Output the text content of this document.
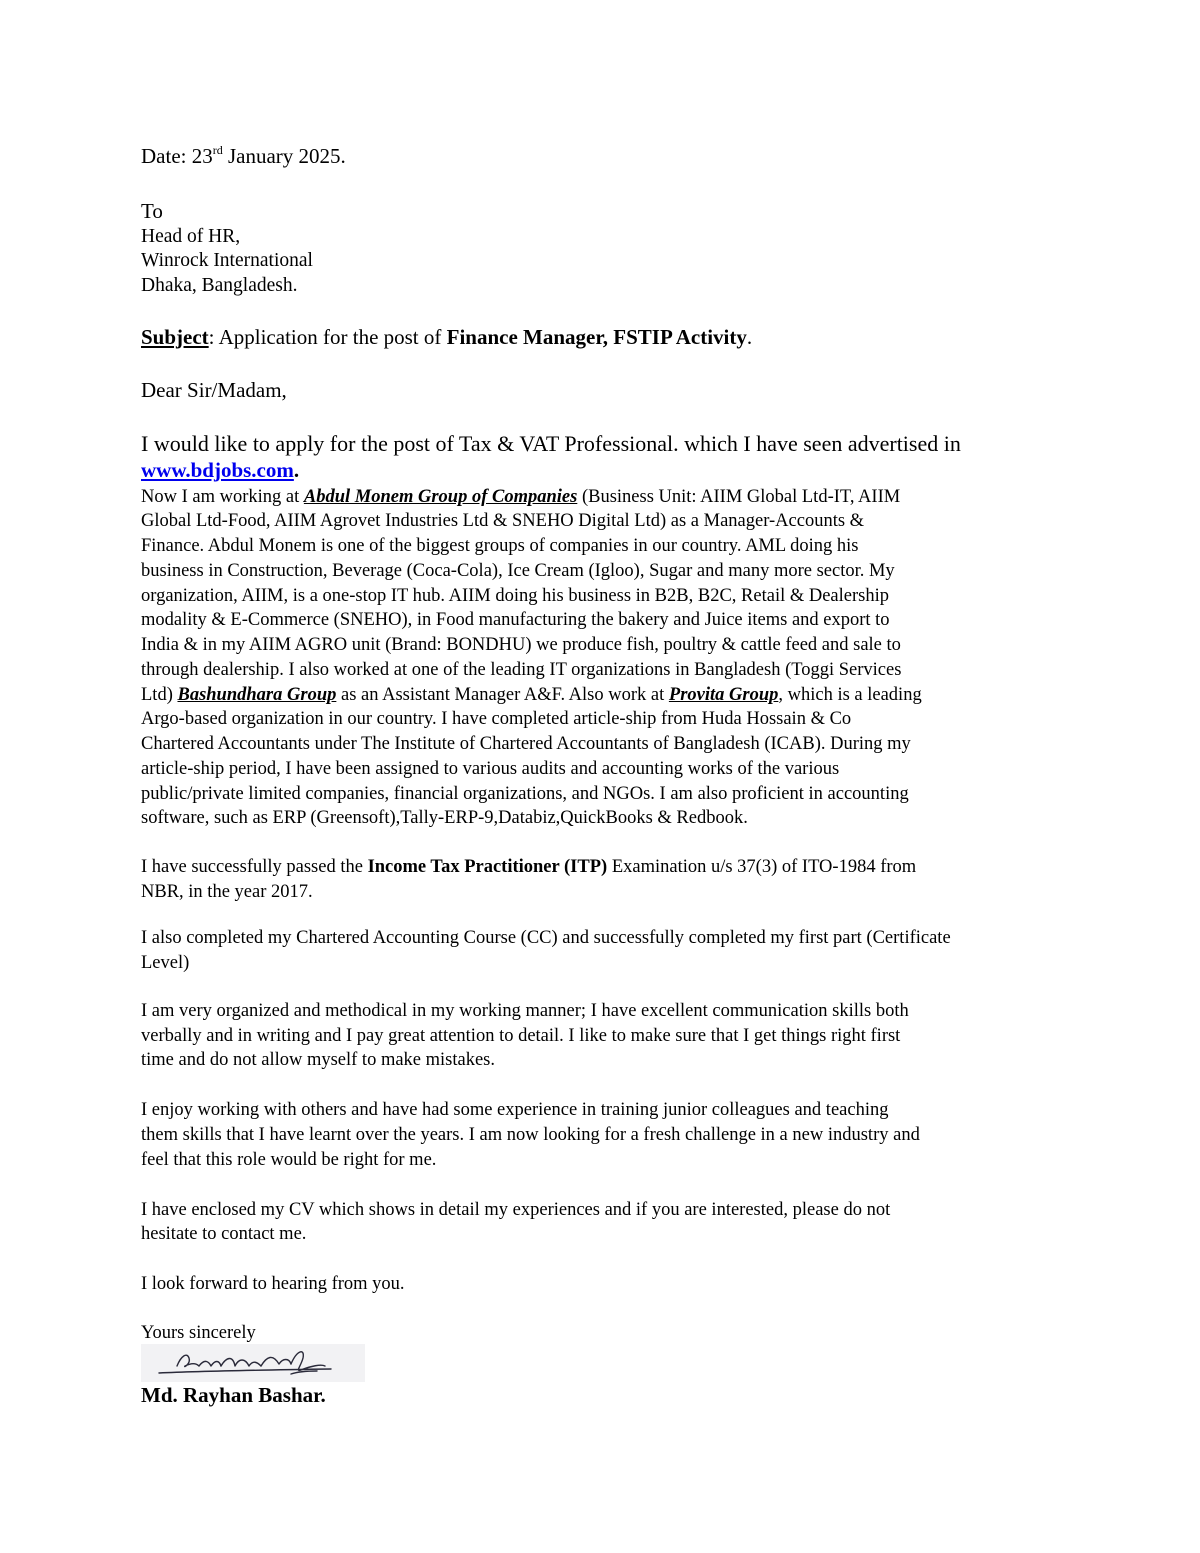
Date: 23rd January 2025.
To
Head of HR,
Winrock International
Dhaka, Bangladesh.
Subject: Application for the post of Finance Manager, FSTIP Activity.
Dear Sir/Madam,
I would like to apply for the post of Tax & VAT Professional. which I have seen advertised in
www.bdjobs.com.
Now I am working at Abdul Monem Group of Companies (Business Unit: AIIM Global Ltd-IT, AIIM
Global Ltd-Food, AIIM Agrovet Industries Ltd & SNEHO Digital Ltd) as a Manager-Accounts &
Finance. Abdul Monem is one of the biggest groups of companies in our country. AML doing his
business in Construction, Beverage (Coca-Cola), Ice Cream (Igloo), Sugar and many more sector. My
organization, AIIM, is a one-stop IT hub. AIIM doing his business in B2B, B2C, Retail & Dealership
modality & E-Commerce (SNEHO), in Food manufacturing the bakery and Juice items and export to
India & in my AIIM AGRO unit (Brand: BONDHU) we produce fish, poultry & cattle feed and sale to
through dealership. I also worked at one of the leading IT organizations in Bangladesh (Toggi Services
Ltd) Bashundhara Group as an Assistant Manager A&F. Also work at Provita Group, which is a leading
Argo-based organization in our country. I have completed article-ship from Huda Hossain & Co
Chartered Accountants under The Institute of Chartered Accountants of Bangladesh (ICAB). During my
article-ship period, I have been assigned to various audits and accounting works of the various
public/private limited companies, financial organizations, and NGOs. I am also proficient in accounting
software, such as ERP (Greensoft),Tally-ERP-9,Databiz,QuickBooks & Redbook.
I have successfully passed the Income Tax Practitioner (ITP) Examination u/s 37(3) of ITO-1984 from
NBR, in the year 2017.
I also completed my Chartered Accounting Course (CC) and successfully completed my first part (Certificate
Level)
I am very organized and methodical in my working manner; I have excellent communication skills both
verbally and in writing and I pay great attention to detail. I like to make sure that I get things right first
time and do not allow myself to make mistakes.
I enjoy working with others and have had some experience in training junior colleagues and teaching
them skills that I have learnt over the years. I am now looking for a fresh challenge in a new industry and
feel that this role would be right for me.
I have enclosed my CV which shows in detail my experiences and if you are interested, please do not
hesitate to contact me.
I look forward to hearing from you.
Yours sincerely
Md. Rayhan Bashar.
